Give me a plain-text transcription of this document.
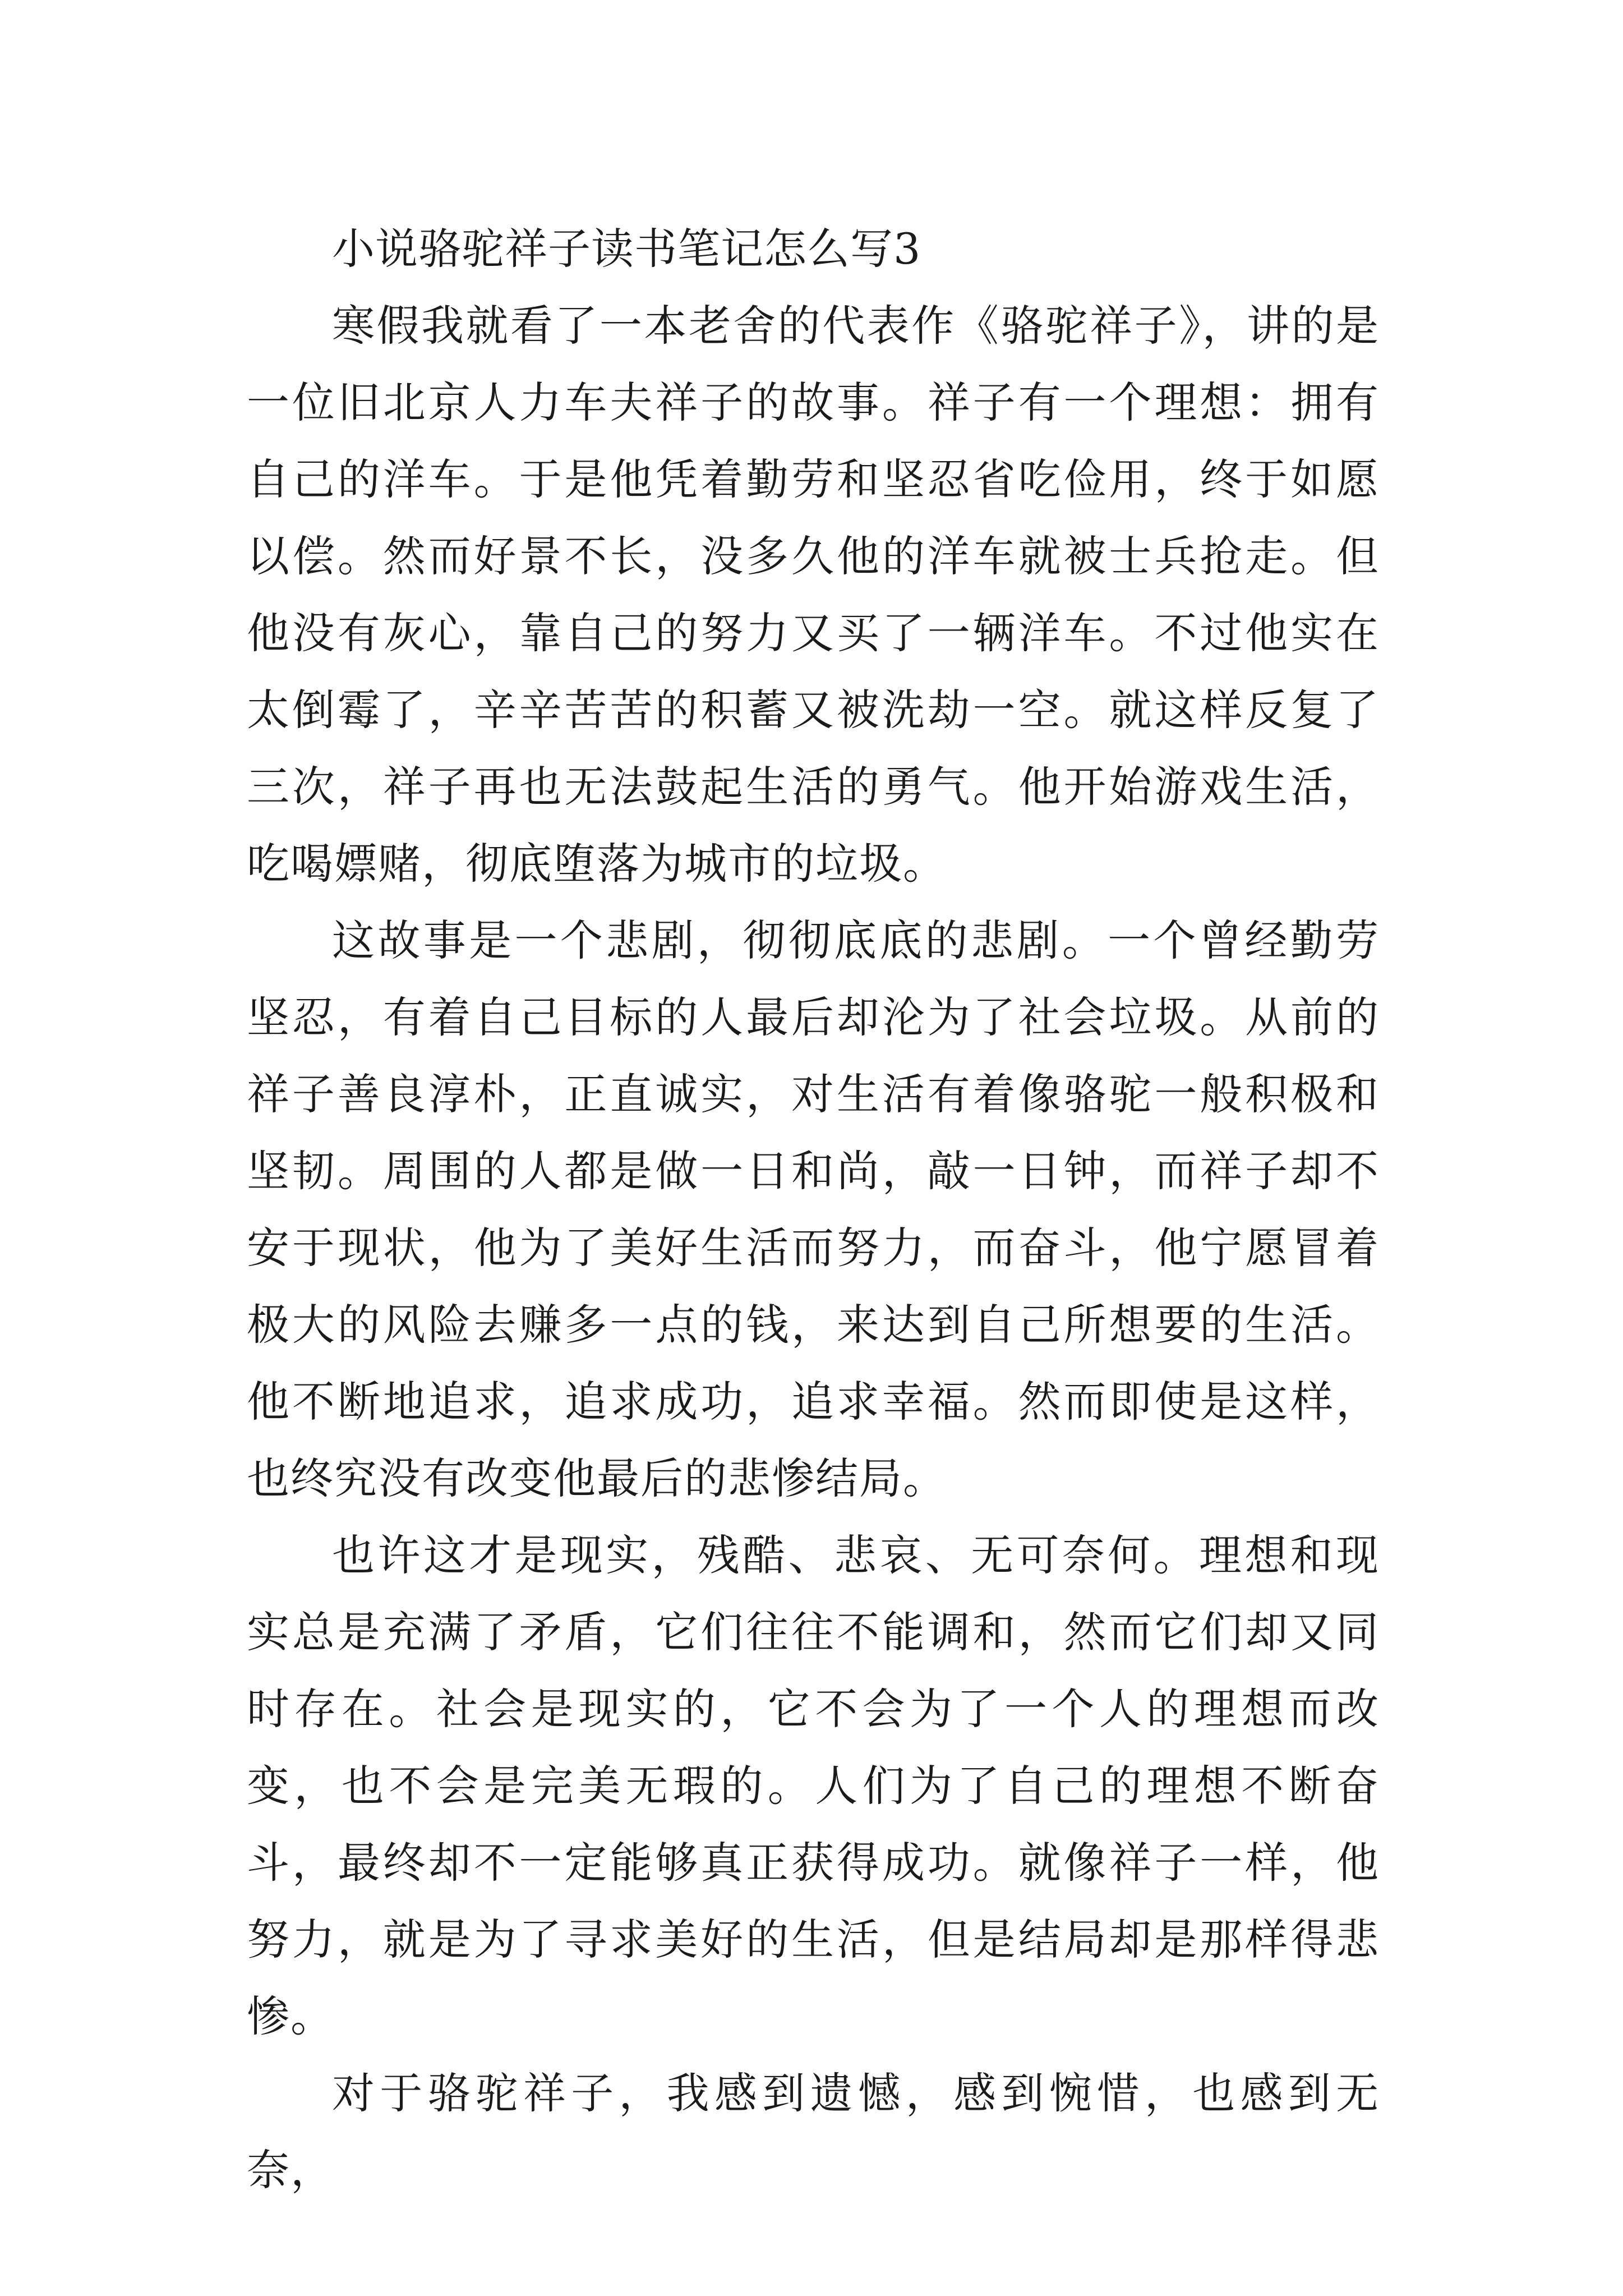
小说骆驼祥子读书笔记怎么写3

寒假我就看了一本老舍的代表作《骆驼祥子》，讲的是一位旧北京人力车夫祥子的故事。祥子有一个理想：拥有自己的洋车。于是他凭着勤劳和坚忍省吃俭用，终于如愿以偿。然而好景不长，没多久他的洋车就被士兵抢走。但他没有灰心，靠自己的努力又买了一辆洋车。不过他实在太倒霉了，辛辛苦苦的积蓄又被洗劫一空。就这样反复了三次，祥子再也无法鼓起生活的勇气。他开始游戏生活，吃喝嫖赌，彻底堕落为城市的垃圾。

这故事是一个悲剧，彻彻底底的悲剧。一个曾经勤劳坚忍，有着自己目标的人最后却沦为了社会垃圾。从前的祥子善良淳朴，正直诚实，对生活有着像骆驼一般积极和坚韧。周围的人都是做一日和尚，敲一日钟，而祥子却不安于现状，他为了美好生活而努力，而奋斗，他宁愿冒着极大的风险去赚多一点的钱，来达到自己所想要的生活。他不断地追求，追求成功，追求幸福。然而即使是这样，也终究没有改变他最后的悲惨结局。

也许这才是现实，残酷、悲哀、无可奈何。理想和现实总是充满了矛盾，它们往往不能调和，然而它们却又同时存在。社会是现实的，它不会为了一个人的理想而改变，也不会是完美无瑕的。人们为了自己的理想不断奋斗，最终却不一定能够真正获得成功。就像祥子一样，他努力，就是为了寻求美好的生活，但是结局却是那样得悲惨。

对于骆驼祥子，我感到遗憾，感到惋惜，也感到无奈，
